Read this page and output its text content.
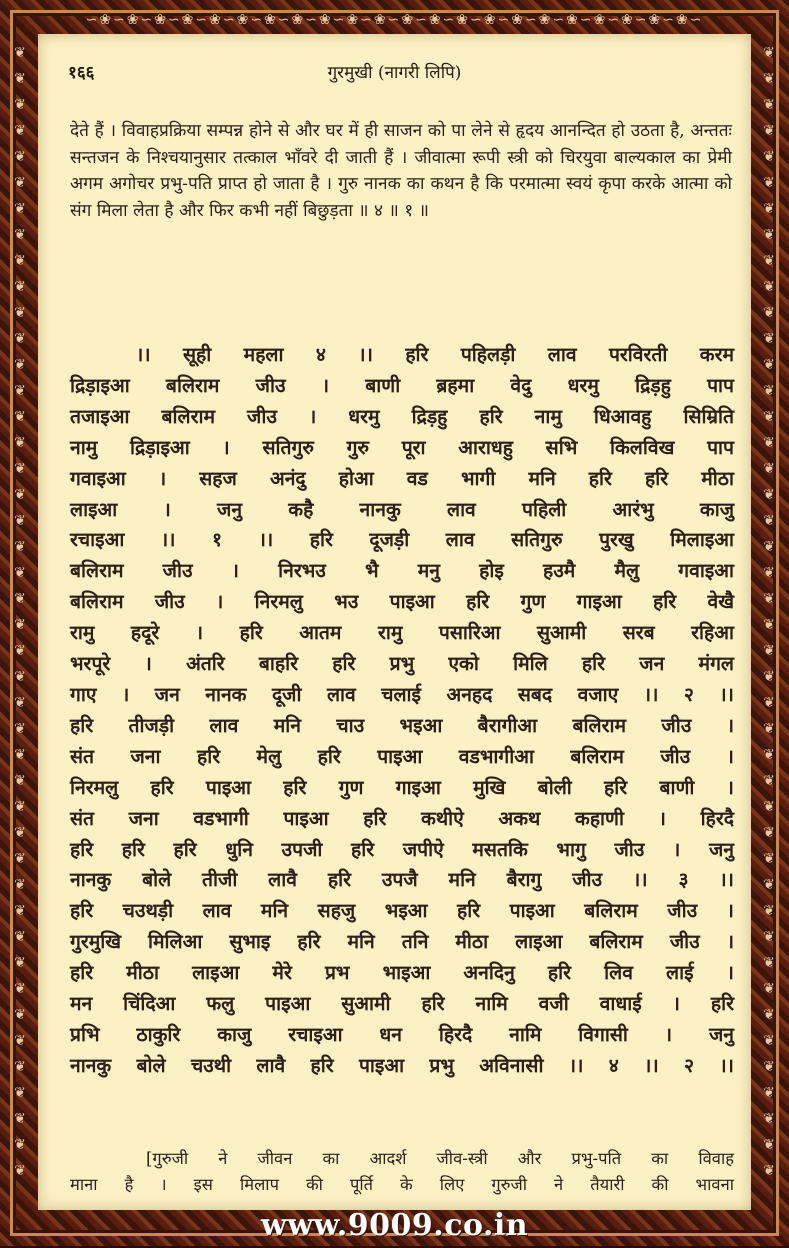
∽❀∽❀∽❀∽❀∽❀∽❀∽❀∽❀∽❀∽❀∽❀∽❀∽❀∽❀∽❀∽❀∽❀∽❀∽❀∽❀∽❀∽❀∽
❦❦❦❦❦❦❦❦❦❦❦❦❦❦❦❦❦❦❦❦❦❦❦❦❦❦❦❦❦❦❦❦❦❦❦❦❦❦❦❦❦❦❦❦
❦❦❦❦❦❦❦❦❦❦❦❦❦❦❦❦❦❦❦❦❦❦❦❦❦❦❦❦❦❦❦❦❦❦❦❦❦❦❦❦❦❦❦❦
१६६	गुरमुखी (नागरी लिपि)

देते हैं । विवाहप्रक्रिया सम्पन्न होने से और घर में ही साजन को पा लेने से हृदय आनन्दित हो उठता है, अन्ततः सन्तजन के निश्चयानुसार तत्काल भाँवरे दी जाती हैं । जीवात्मा रूपी स्त्री को चिरयुवा बाल्यकाल का प्रेमी अगम अगोचर प्रभु-पति प्राप्त हो जाता है । गुरु नानक का कथन है कि परमात्मा स्वयं कृपा करके आत्मा को संग मिला लेता है और फिर कभी नहीं बिछुड़ता ॥ ४ ॥ १ ॥

।। सूही महला ४ ।। हरि पहिलड़ी लाव परविरती करम
द्रिड़ाइआ बलिराम जीउ । बाणी ब्रहमा वेदु धरमु द्रिड़हु पाप
तजाइआ बलिराम जीउ । धरमु द्रिड़हु हरि नामु धिआवहु सिम्रिति
नामु द्रिड़ाइआ । सतिगुरु गुरु पूरा आराधहु सभि किलविख पाप
गवाइआ । सहज अनंदु होआ वड भागी मनि हरि हरि मीठा
लाइआ । जनु कहै नानकु लाव पहिली आरंभु काजु
रचाइआ ।। १ ।। हरि दूजड़ी लाव सतिगुरु पुरखु मिलाइआ
बलिराम जीउ । निरभउ भै मनु होइ हउमै मैलु गवाइआ
बलिराम जीउ । निरमलु भउ पाइआ हरि गुण गाइआ हरि वेखै
रामु हदूरे । हरि आतम रामु पसारिआ सुआमी सरब रहिआ
भरपूरे । अंतरि बाहरि हरि प्रभु एको मिलि हरि जन मंगल
गाए । जन नानक दूजी लाव चलाई अनहद सबद वजाए ।। २ ।।
हरि तीजड़ी लाव मनि चाउ भइआ बैरागीआ बलिराम जीउ ।
संत जना हरि मेलु हरि पाइआ वडभागीआ बलिराम जीउ ।
निरमलु हरि पाइआ हरि गुण गाइआ मुखि बोली हरि बाणी ।
संत जना वडभागी पाइआ हरि कथीऐ अकथ कहाणी । हिरदै
हरि हरि हरि धुनि उपजी हरि जपीऐ मसतकि भागु जीउ । जनु
नानकु बोले तीजी लावै हरि उपजै मनि बैरागु जीउ ।। ३ ।।
हरि चउथड़ी लाव मनि सहजु भइआ हरि पाइआ बलिराम जीउ ।
गुरमुखि मिलिआ सुभाइ हरि मनि तनि मीठा लाइआ बलिराम जीउ ।
हरि मीठा लाइआ मेरे प्रभ भाइआ अनदिनु हरि लिव लाई ।
मन चिंदिआ फलु पाइआ सुआमी हरि नामि वजी वाधाई । हरि
प्रभि ठाकुरि काजु रचाइआ धन हिरदै नामि विगासी । जनु
नानकु बोले चउथी लावै हरि पाइआ प्रभु अविनासी ।। ४ ।। २ ।।
[गुरुजी ने जीवन का आदर्श जीव-स्त्री और प्रभु-पति का विवाह
माना है । इस मिलाप की पूर्ति के लिए गुरुजी ने तैयारी की भावना
www.9009.co.in
